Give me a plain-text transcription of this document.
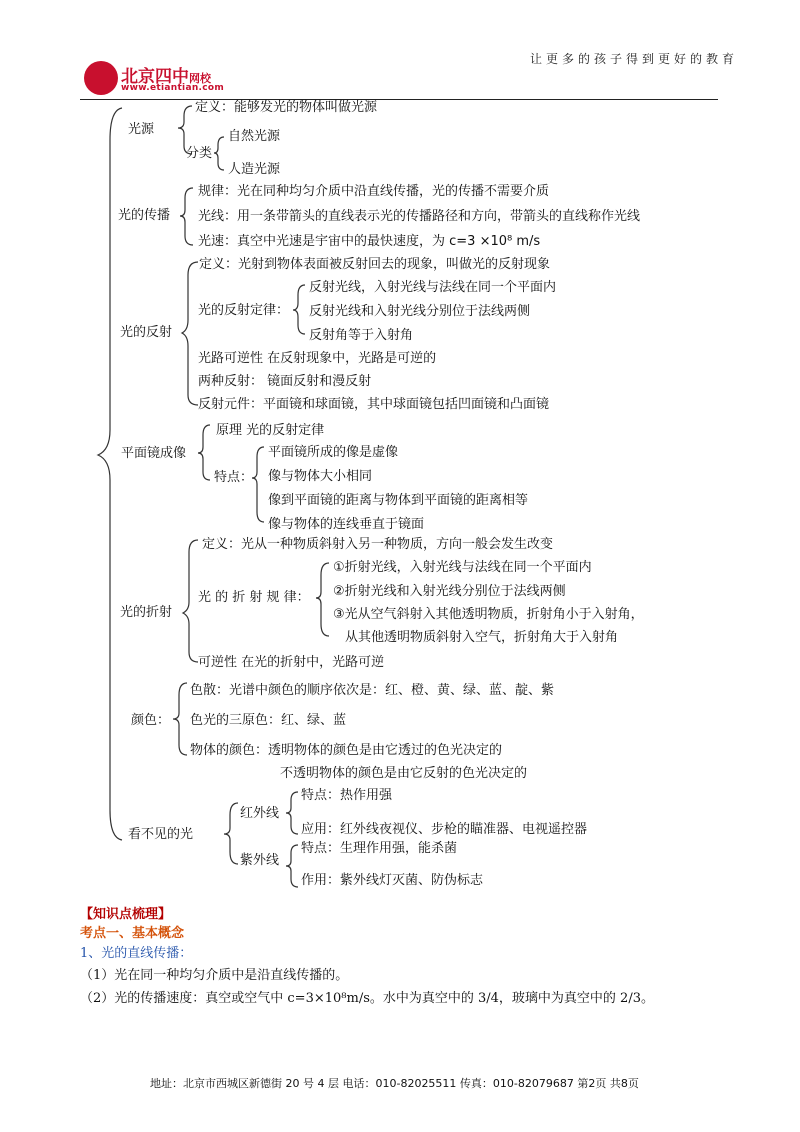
北京四中网校
www.etiantian.com
让更多的孩子得到更好的教育
光源
定义：能够发光的物体叫做光源
分类
自然光源
人造光源
光的传播
规律：光在同种均匀介质中沿直线传播，光的传播不需要介质
光线：用一条带箭头的直线表示光的传播路径和方向，带箭头的直线称作光线
光速：真空中光速是宇宙中的最快速度，为 c=3 ×10⁸ m/s
光的反射
定义：光射到物体表面被反射回去的现象，叫做光的反射现象
光的反射定律：
反射光线，入射光线与法线在同一个平面内
反射光线和入射光线分别位于法线两侧
反射角等于入射角
光路可逆性 在反射现象中，光路是可逆的
两种反射： 镜面反射和漫反射
反射元件：平面镜和球面镜，其中球面镜包括凹面镜和凸面镜
平面镜成像
原理 光的反射定律
特点：
平面镜所成的像是虚像
像与物体大小相同
像到平面镜的距离与物体到平面镜的距离相等
像与物体的连线垂直于镜面
光的折射
定义：光从一种物质斜射入另一种物质，方向一般会发生改变
光 的 折 射 规 律：
①折射光线，入射光线与法线在同一个平面内
②折射光线和入射光线分别位于法线两侧
③光从空气斜射入其他透明物质，折射角小于入射角，
从其他透明物质斜射入空气，折射角大于入射角
可逆性 在光的折射中，光路可逆
颜色：
色散：光谱中颜色的顺序依次是：红、橙、黄、绿、蓝、靛、紫
色光的三原色：红、绿、蓝
物体的颜色：透明物体的颜色是由它透过的色光决定的
不透明物体的颜色是由它反射的色光决定的
看不见的光
红外线
特点：热作用强
应用：红外线夜视仪、步枪的瞄准器、电视遥控器
紫外线
特点：生理作用强，能杀菌
作用：紫外线灯灭菌、防伪标志
【知识点梳理】
考点一、基本概念
1、光的直线传播：
（1）光在同一种均匀介质中是沿直线传播的。
（2）光的传播速度：真空或空气中 c=3×10⁸m/s。水中为真空中的 3/4，玻璃中为真空中的 2/3。
地址：北京市西城区新德街 20 号 4 层 电话：010-82025511 传真：010-82079687 第2页 共8页
